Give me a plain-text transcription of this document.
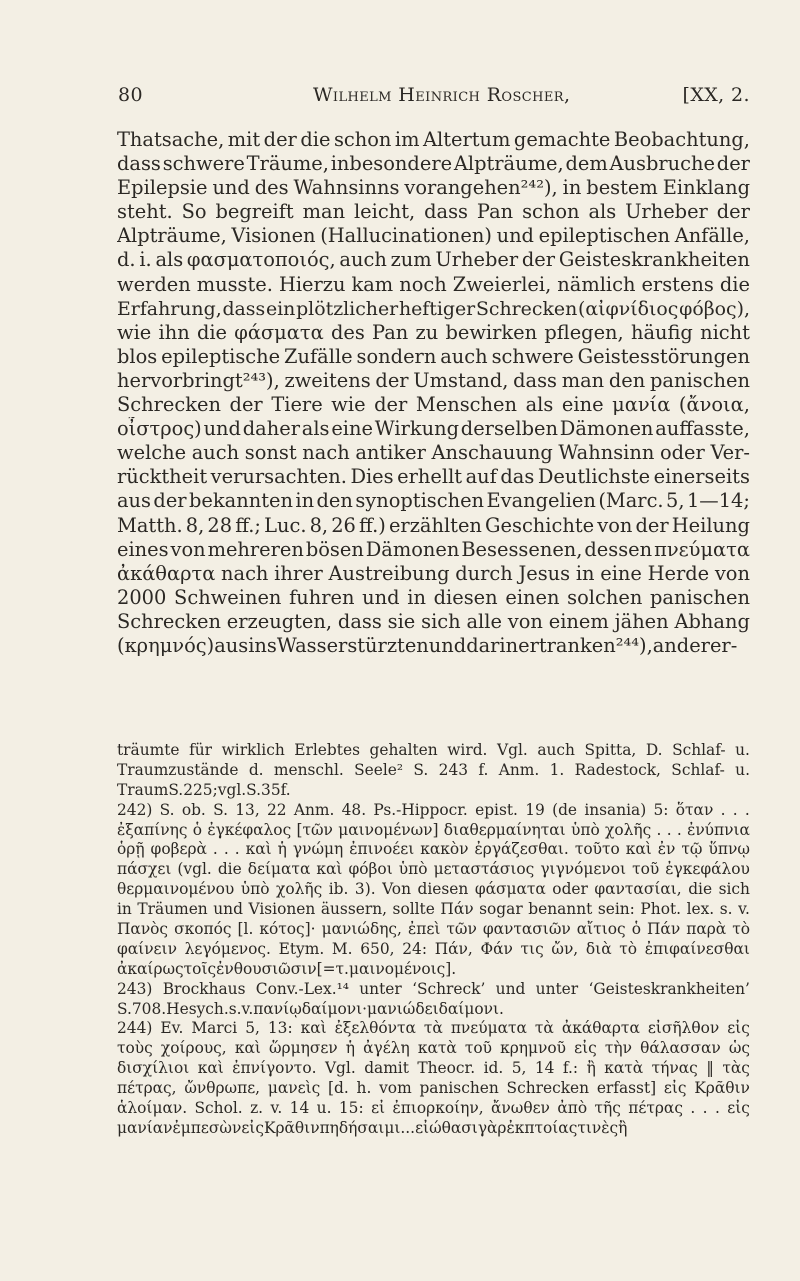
80	Wilhelm Heinrich Roscher,	[XX, 2.
Thatsache, mit der die schon im Altertum gemachte Beobachtung,
dass schwere Träume, inbesondere Alpträume, dem Ausbruche der
Epilepsie und des Wahnsinns vorangehen²⁴²), in bestem Einklang
steht. So begreift man leicht, dass Pan schon als Urheber der
Alpträume, Visionen (Hallucinationen) und epileptischen Anfälle,
d. i. als φασματοποιός, auch zum Urheber der Geisteskrankheiten
werden musste. Hierzu kam noch Zweierlei, nämlich erstens die
Erfahrung, dass ein plötzlicher heftiger Schrecken (αἰφνίδιος φόβος),
wie ihn die φάσματα des Pan zu bewirken pflegen, häufig nicht
blos epileptische Zufälle sondern auch schwere Geistesstörungen
hervorbringt²⁴³), zweitens der Umstand, dass man den panischen
Schrecken der Tiere wie der Menschen als eine μανία (ἄνοια,
οἶστρος) und daher als eine Wirkung derselben Dämonen auffasste,
welche auch sonst nach antiker Anschauung Wahnsinn oder Ver-
rücktheit verursachten. Dies erhellt auf das Deutlichste einerseits
aus der bekannten in den synoptischen Evangelien (Marc. 5, 1—14;
Matth. 8, 28 ff.; Luc. 8, 26 ff.) erzählten Geschichte von der Heilung
eines von mehreren bösen Dämonen Besessenen, dessen πνεύματα
ἀκάθαρτα nach ihrer Austreibung durch Jesus in eine Herde von
2000 Schweinen fuhren und in diesen einen solchen panischen
Schrecken erzeugten, dass sie sich alle von einem jähen Abhang
(κρημνός) aus ins Wasser stürzten und darin ertranken²⁴⁴), anderer-
träumte für wirklich Erlebtes gehalten wird. Vgl. auch Spitta, D. Schlaf- u.
Traumzustände d. menschl. Seele² S. 243 f. Anm. 1. Radestock, Schlaf- u.
Traum S. 225; vgl. S. 35 f.
242) S. ob. S. 13, 22 Anm. 48. Ps.-Hippocr. epist. 19 (de insania) 5: ὅταν . . .
ἐξαπίνης ὁ ἐγκέφαλος [τῶν μαινομένων] διαθερμαίνηται ὑπὸ χολῆς . . . ἐνύπνια
ὁρῇ φοβερὰ . . . καὶ ἡ γνώμη ἐπινοέει κακὸν ἐργάζεσθαι. τοῦτο καὶ ἐν τῷ ὕπνῳ
πάσχει (vgl. die δείματα καὶ φόβοι ὑπὸ μεταστάσιος γιγνόμενοι τοῦ ἐγκεφάλου
θερμαινομένου ὑπὸ χολῆς ib. 3). Von diesen φάσματα oder φαντασίαι, die sich
in Träumen und Visionen äussern, sollte Πάν sogar benannt sein: Phot. lex. s. v.
Πανὸς σκοπός [l. κότος]· μανιώδης, ἐπεὶ τῶν φαντασιῶν αἴτιος ὁ Πάν παρὰ τὸ
φαίνειν λεγόμενος. Etym. M. 650, 24: Πάν, Φάν τις ὤν, διὰ τὸ ἐπιφαίνεσθαι
ἀκαίρως τοῖς ἐνθουσιῶσιν [= τ. μαινομένοις].
243) Brockhaus Conv.-Lex.¹⁴ unter ‘Schreck’ und unter ‘Geisteskrankheiten’
S. 708. Hesych. s. v. πανίῳ δαίμονι· μανιώδει δαίμονι.
244) Ev. Marci 5, 13: καὶ ἐξελθόντα τὰ πνεύματα τὰ ἀκάθαρτα εἰσῆλθον εἰς
τοὺς χοίρους, καὶ ὥρμησεν ἡ ἀγέλη κατὰ τοῦ κρημνοῦ εἰς τὴν θάλασσαν ὡς
δισχίλιοι καὶ ἐπνίγοντο. Vgl. damit Theocr. id. 5, 14 f.: ἢ κατὰ τήνας ‖ τὰς
πέτρας, ὤνθρωπε, μανεὶς [d. h. vom panischen Schrecken erfasst] εἰς Κρᾶθιν
ἁλοίμαν. Schol. z. v. 14 u. 15: εἰ ἐπιορκοίην, ἄνωθεν ἀπὸ τῆς πέτρας . . . εἰς
μανίαν ἐμπεσὼν εἰς Κρᾶθιν πηδήσαιμι . . . εἰώθασι γὰρ ἐκ πτοίας τινὲς ἢ
